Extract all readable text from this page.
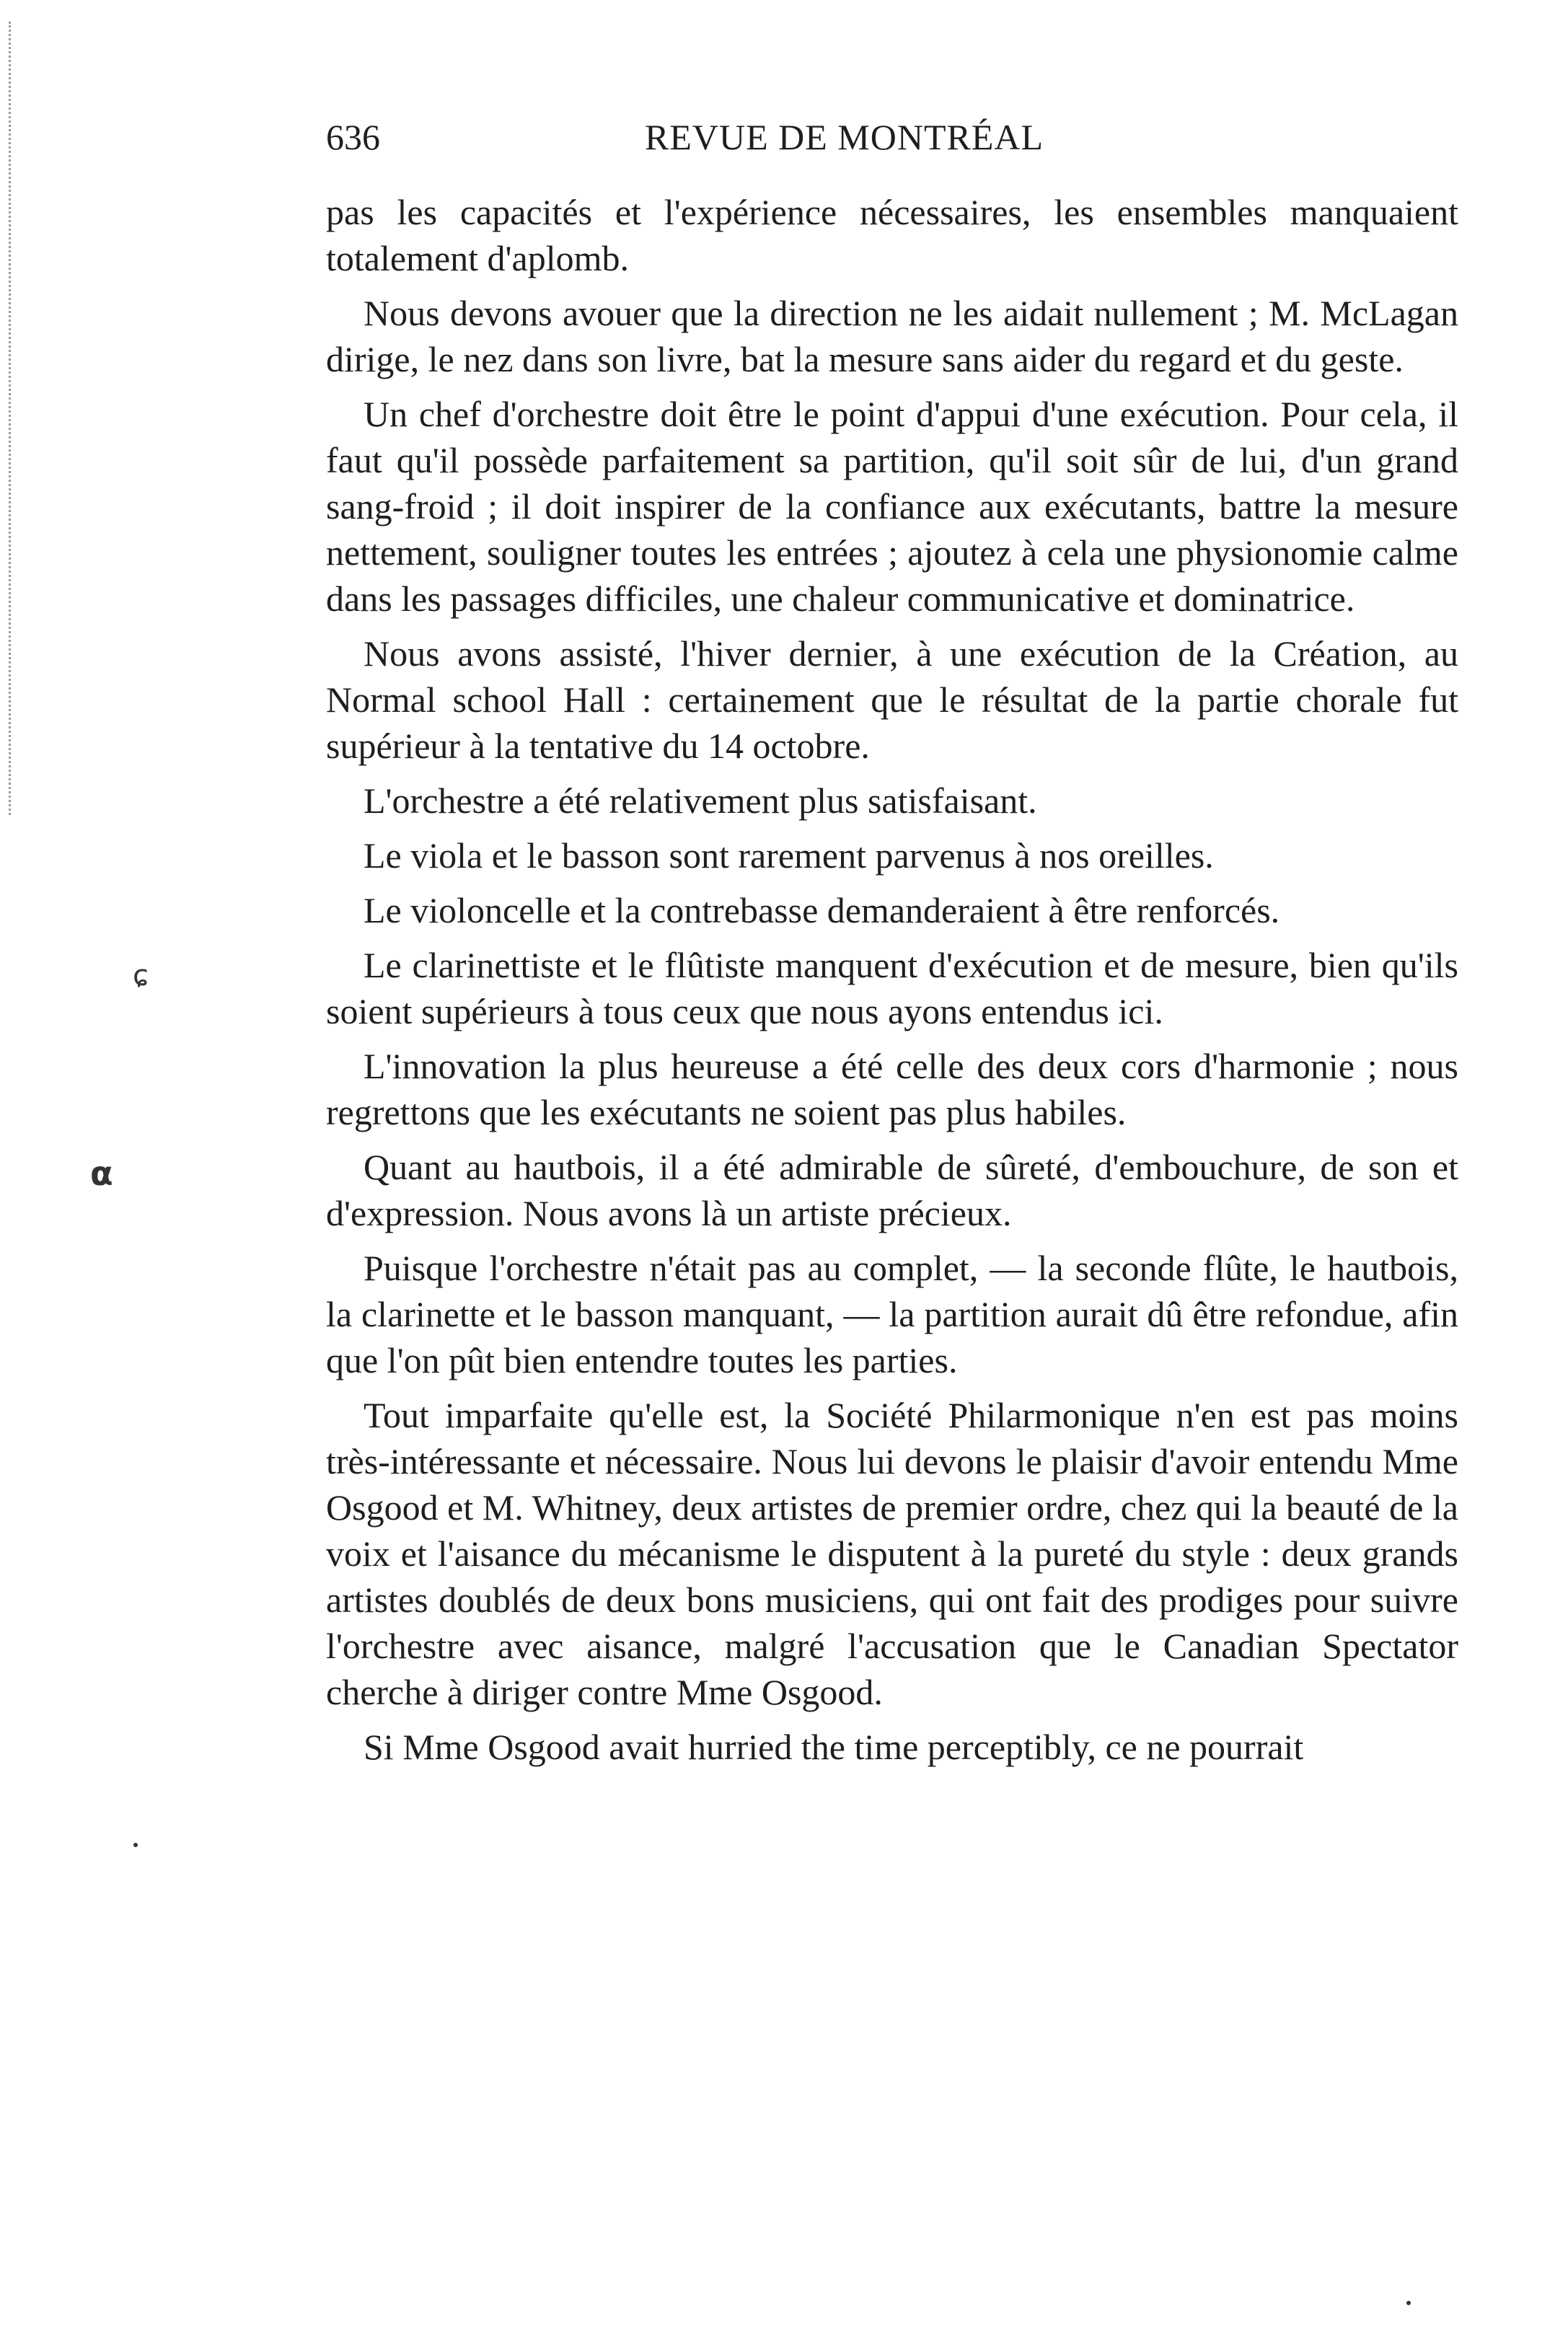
636	REVUE DE MONTRÉAL

pas les capacités et l'expérience nécessaires, les ensembles manquaient totalement d'aplomb.

Nous devons avouer que la direction ne les aidait nullement ; M. McLagan dirige, le nez dans son livre, bat la mesure sans aider du regard et du geste.

Un chef d'orchestre doit être le point d'appui d'une exécution. Pour cela, il faut qu'il possède parfaitement sa partition, qu'il soit sûr de lui, d'un grand sang-froid ; il doit inspirer de la confiance aux exécutants, battre la mesure nettement, souligner toutes les entrées ; ajoutez à cela une physionomie calme dans les passages difficiles, une chaleur communicative et dominatrice.

Nous avons assisté, l'hiver dernier, à une exécution de la Création, au Normal school Hall : certainement que le résultat de la partie chorale fut supérieur à la tentative du 14 octobre.

L'orchestre a été relativement plus satisfaisant.

Le viola et le basson sont rarement parvenus à nos oreilles.

Le violoncelle et la contrebasse demanderaient à être renforcés.

Le clarinettiste et le flûtiste manquent d'exécution et de mesure, bien qu'ils soient supérieurs à tous ceux que nous ayons entendus ici.

L'innovation la plus heureuse a été celle des deux cors d'harmonie ; nous regrettons que les exécutants ne soient pas plus habiles.

Quant au hautbois, il a été admirable de sûreté, d'embouchure, de son et d'expression. Nous avons là un artiste précieux.

Puisque l'orchestre n'était pas au complet, — la seconde flûte, le hautbois, la clarinette et le basson manquant, — la partition aurait dû être refondue, afin que l'on pût bien entendre toutes les parties.

Tout imparfaite qu'elle est, la Société Philarmonique n'en est pas moins très-intéressante et nécessaire. Nous lui devons le plaisir d'avoir entendu Mme Osgood et M. Whitney, deux artistes de premier ordre, chez qui la beauté de la voix et l'aisance du mécanisme le disputent à la pureté du style : deux grands artistes doublés de deux bons musiciens, qui ont fait des prodiges pour suivre l'orchestre avec aisance, malgré l'accusation que le Canadian Spectator cherche à diriger contre Mme Osgood.

Si Mme Osgood avait hurried the time perceptibly, ce ne pourrait

ɕ
α
